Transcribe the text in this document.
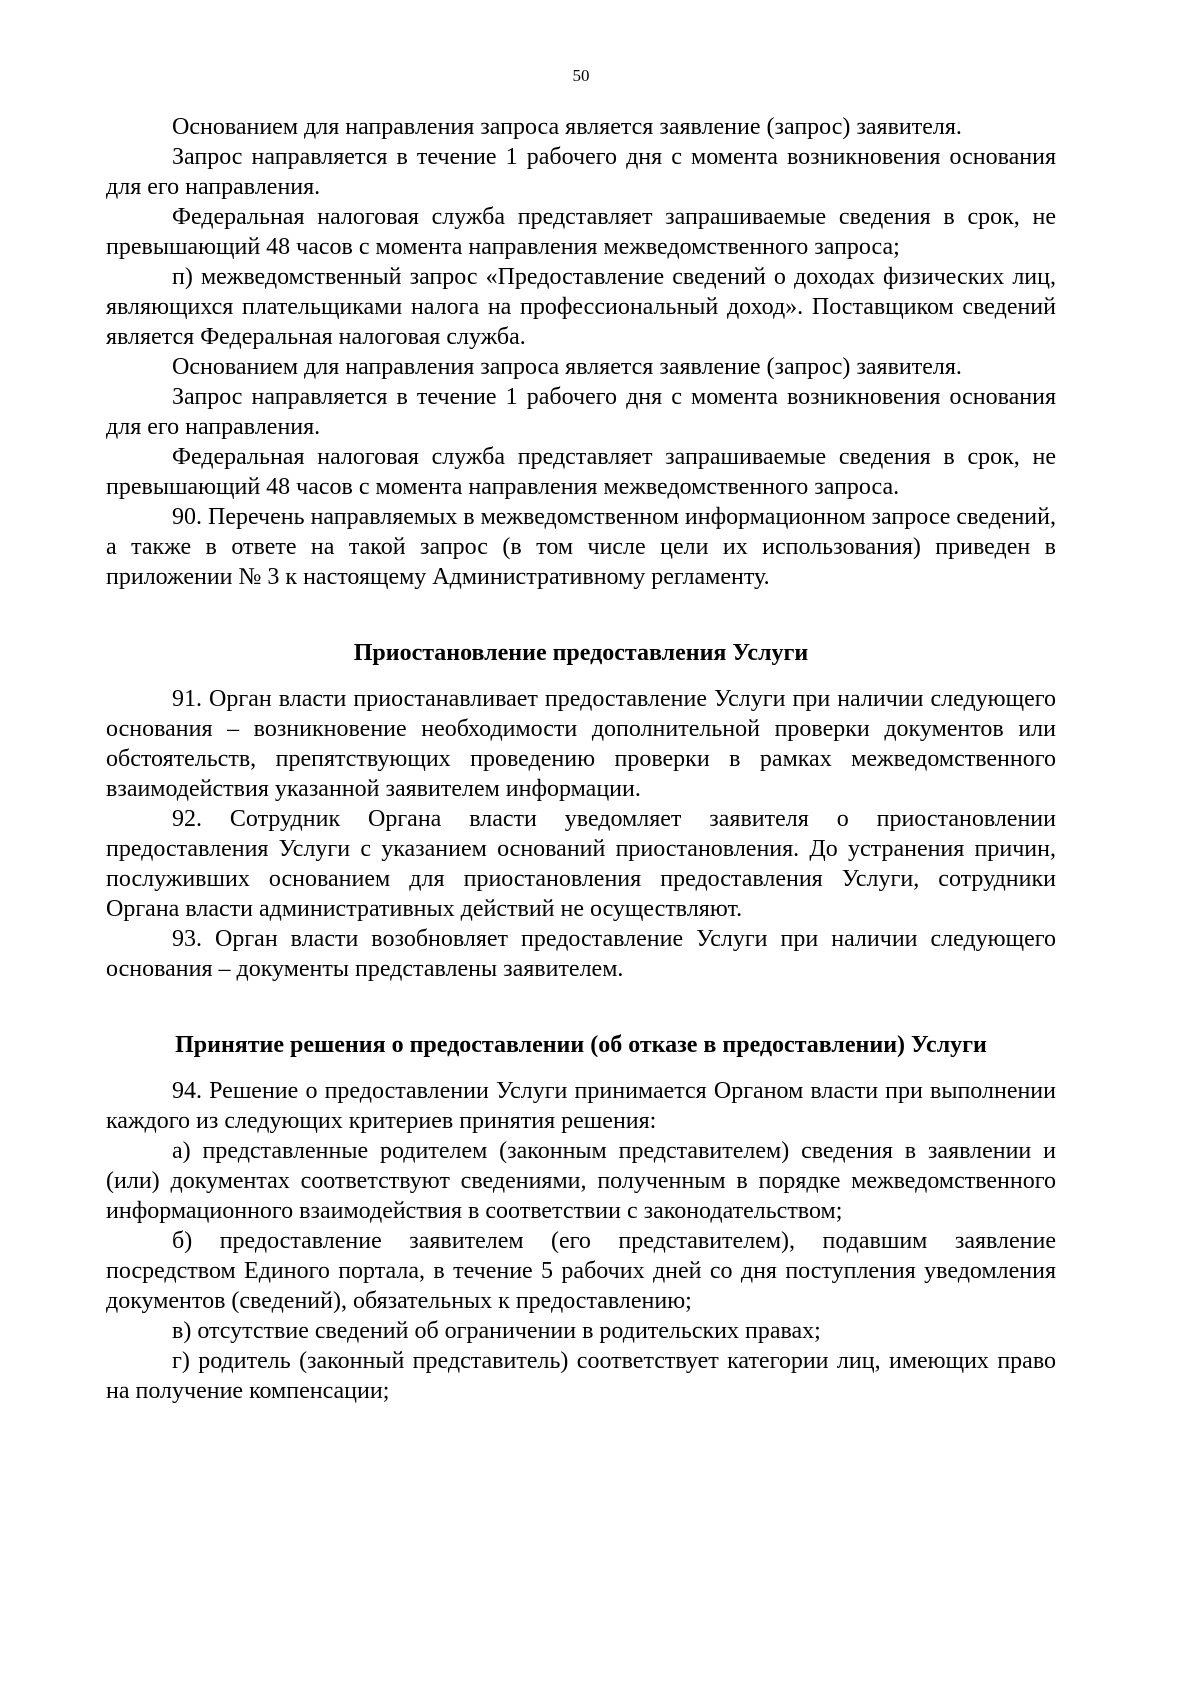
50

Основанием для направления запроса является заявление (запрос) заявителя.

Запрос направляется в течение 1 рабочего дня с момента возникновения основания для его направления.

Федеральная налоговая служба представляет запрашиваемые сведения в срок, не превышающий 48 часов с момента направления межведомственного запроса;

п) межведомственный запрос «Предоставление сведений о доходах физических лиц, являющихся плательщиками налога на профессиональный доход». Поставщиком сведений является Федеральная налоговая служба.

Основанием для направления запроса является заявление (запрос) заявителя.

Запрос направляется в течение 1 рабочего дня с момента возникновения основания для его направления.

Федеральная налоговая служба представляет запрашиваемые сведения в срок, не превышающий 48 часов с момента направления межведомственного запроса.

90. Перечень направляемых в межведомственном информационном запросе сведений, а также в ответе на такой запрос (в том числе цели их использования) приведен в приложении № 3 к настоящему Административному регламенту.

Приостановление предоставления Услуги

91. Орган власти приостанавливает предоставление Услуги при наличии следующего основания – возникновение необходимости дополнительной проверки документов или обстоятельств, препятствующих проведению проверки в рамках межведомственного взаимодействия указанной заявителем информации.

92. Сотрудник Органа власти уведомляет заявителя о приостановлении предоставления Услуги с указанием оснований приостановления. До устранения причин, послуживших основанием для приостановления предоставления Услуги, сотрудники Органа власти административных действий не осуществляют.

93. Орган власти возобновляет предоставление Услуги при наличии следующего основания – документы представлены заявителем.

Принятие решения о предоставлении (об отказе в предоставлении) Услуги

94. Решение о предоставлении Услуги принимается Органом власти при выполнении каждого из следующих критериев принятия решения:

а) представленные родителем (законным представителем) сведения в заявлении и (или) документах соответствуют сведениями, полученным в порядке межведомственного информационного взаимодействия в соответствии с законодательством;

б) предоставление заявителем (его представителем), подавшим заявление посредством Единого портала, в течение 5 рабочих дней со дня поступления уведомления документов (сведений), обязательных к предоставлению;

в) отсутствие сведений об ограничении в родительских правах;

г) родитель (законный представитель) соответствует категории лиц, имеющих право на получение компенсации;
